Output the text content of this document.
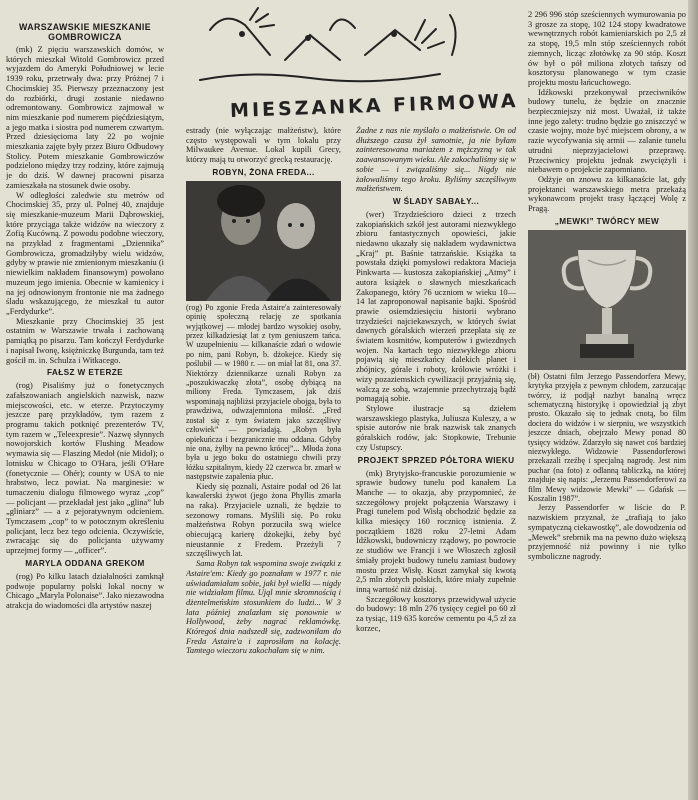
WARSZAWSKIE MIESZKANIE GOMBROWICZA

(mk) Z pięciu warszawskich domów, w których mieszkał Witold Gombrowicz przed wyjazdem do Ameryki Południowej w lecie 1939 roku, przetrwały dwa: przy Próżnej 7 i Chocimskiej 35. Pierwszy przeznaczony jest do rozbiórki, drugi zostanie niedawno odremontowany. Gombrowicz zajmował w nim mieszkanie pod numerem pięćdziesiątym, a jego matka i siostra pod numerem czwartym. Przed dziesięcioma laty 22 po wojnie mieszkania zajęte były przez Biuro Odbudowy Stolicy. Potem mieszkanie Gombrowiczów podzielono między trzy rodziny, które zajmują je do dziś. W dawnej pracowni pisarza zamieszkała na stosunek dwie osoby.

W odległości zaledwie stu metrów od Chocimskiej 35, przy ul. Polnej 40, znajduje się mieszkanie-muzeum Marii Dąbrowskiej, które przyciąga także widzów na wieczory z Zofią Kucówną. Z powodu podobne wieczory, na przykład z fragmentami „Dziennika” Gombrowicza, gromadziłyby wielu widzów, gdyby w prawie nie zmienionym mieszkaniu (i niewielkim nakładem finansowym) powołano muzeum jego imienia. Obecnie w kamienicy i na jej odnowionym frontonie nie ma żadnego śladu wskazującego, że mieszkał tu autor „Ferdydurke”.

Mieszkanie przy Chocimskiej 35 jest ostatnim w Warszawie trwała i zachowaną pamiątką po pisarzu. Tam kończył Ferdydurke i napisał Iwonę, księżniczkę Burgunda, tam też gościł m. in. Schulza i Witkacego.

FAŁSZ W ETERZE

(rog) Pisaliśmy już o fonetycznych zafałszowaniach angielskich nazwisk, nazw miejscowości, etc. w eterze. Przytoczymy jeszcze parę przykładów, tym razem z programu takich potknięć prezenterów TV, tym razem w „Teleexpresie”. Nazwę słynnych nowojorskich kortów Flushing Meadow wymawia się — Flaszing Medoł (nie Midoł); o lotnisku w Chicago to O'Hara, jeśli O'Hare (fonetycznie — Ohér); county w USA to nie hrabstwo, lecz powiat. Na marginesie: w tumaczeniu dialogu filmowego wyraz „cop” — policjant — przekładał jest jako „glina” lub „gliniarz” — a z pejoratywnym odcieniem. Tymczasem „cop” to w potocznym określeniu policjant, lecz bez tego odcienia. Oczywiście, zwracając się do policjanta używamy uprzejmej formy — „officer”.

MARYLA ODDANA GREKOM

(rog) Po kilku latach działalności zamknął podwoje popularny polski lokal nocny w Chicago „Maryla Polonaise”. Jako niezawodna atrakcja do wiadomości dla artystów naszej

MIESZANKA FIRMOWA

estrady (nie wyłączając małżeństw), które często występowali w tym lokalu przy Milwaukee Avenue. Lokal kupili Grecy, którzy mają tu otworzyć grecką restaurację.

ROBYN, ŻONA FREDA...

(rog) Po zgonie Freda Astaire'a zainteresowały opinię społeczną relację ze spotkania wyjątkowej — młodej bardzo wysokiej osoby, przez kilkadziesiąt lat z tym geniuszem tańca. W uzupełnieniu — kilkanaście zdań o wdowie po nim, pani Robyn, b. dżokejce. Kiedy się poślubił — w 1980 r. — on miał lat 81, ona 37. Niektórzy dziennikarze uznali Robyn za „poszukiwaczkę złota”, osobę dybiącą na miliony Freda. Tymczasem, jak dziś wspominają najbliżsi przyjaciele obojga, była to prawdziwa, odwzajemniona miłość. „Fred został się z tym światem jako szczęśliwy człowiek” — powiadają. „Robyn była opiekuńcza i bezgranicznie mu oddana. Gdyby nie ona, żyłby na pewno krócej”... Młoda żona była u jego boku do ostatniego chwili przy łóżku szpitalnym, kiedy 22 czerwca br. zmarł w następstwie zapalenia płuc.

Kiedy się poznali, Astaire podał od 26 lat kawalerski żywot (jego żona Phyllis zmarła na raka). Przyjaciele uznali, że będzie to sezonowy romans. Myślili się. Po roku małżeństwa Robyn porzuciła swą wielce obiecującą karierę dżokejki, żeby być nieustannie z Fredem. Przeżyli 7 szczęśliwych lat.

Sama Robyn tak wspomina swoje związki z Astaire'em: Kiedy go poznałam w 1977 r. nie uświadamiałam sobie, jaki był wielki — nigdy nie widziałam filmu. Ująl mnie skromnością i dżentelmeńskim stosunkiem do ludzi... W 3 lata później znalazłam się ponownie w Hollywood, żeby nagrać reklamówkę. Któregoś dnia nadszedł się, zadzwoniłam do Freda Astaire'a i zaprosiłam na kolację. Tamtego wieczoru zakochałam się w nim.

Żadne z nas nie myślało o małżeństwie. On od dłuższego czasu żył samotnie, ja nie byłam zainteresowana mariażem z mężczyzną w tak zaawansowanym wieku. Ale zakochaliśmy się w sobie — i związaliśmy się... Nigdy nie żałowaliśmy tego kroku. Byliśmy szczęśliwym małżeństwem.

W ŚLADY SABAŁY...

(wer) Trzydzieściorо dzieci z trzech zakopiańskich szkół jest autorami niezwykłego zbioru fantastycznych opowieści, jakie niedawno ukazały się nakładem wydawnictwa „Kraj” pt. Baśnie tatrzańskie. Książka ta powstała dzięki pomysłowi redaktora Macieja Pinkwarta — kustosza zakopiańskiej „Atmy” i autora książek o sławnych mieszkańcach Zakopanego, który 76 uczniom w wieku 10—14 lat zaproponował napisanie bajki. Spośród prawie osiemdziesięciu historii wybrano trzydzieści najciekawszych, w których świat dawnych góralskich wierzeń przeplata się ze światem kosmitów, komputerów i gwiezdnych wojen. Na kartach tego niezwykłego zbioru pojawią się mieszkańcy dalekich planet i zbójnicy, górale i roboty, królowie wróżki i wizy pozaziemskich cywilizacji przyjaźnią się, walczą ze sobą, wzajemnie przechytrzają bądź pomagają sobie.

Stylowe ilustracje są dziełem warszawskiego plastyka, Juliusza Kuleszy, a w spisie autorów nie brak nazwisk tak znanych góralskich rodów, jak: Stopkowie, Trebunie czy Ustupscy.

PROJEKT SPRZED PÓŁTORA WIEKU

(mk) Brytyjsko-francuskie porozumienie w sprawie budowy tunelu pod kanałem La Manche — to okazja, aby przypomnieć, że szczegółowy projekt połączenia Warszawy i Pragi tunelem pod Wisłą obchodzić będzie za kilka miesięcy 160 rocznicę istnienia. Z początkiem 1828 roku 27-letni Adam Idźkowski, budowniczy rządowy, po powrocie ze studiów we Francji i we Włoszech zgłosił śmiały projekt budowy tunelu zamiast budowy mostu przez Wisłę. Koszt zamykał się kwotą 2,5 mln złotych polskich, które miały zupełnie inną wartość niż dzisiaj.

Szczegółowy kosztorys przewidywał użycie do budowy: 18 mln 276 tysięcy cegieł po 60 zł za tysiąc, 119 635 korców cementu po 4,5 zł za korzec,

2 296 996 stóp sześciennych wymurowania po 3 grosze za stopę, 102 124 stopy kwadratowe wewnętrznych robót kamieniarskich po 2,5 zł za stopę, 19,5 mln stóp sześciennych robót ziemnych, licząc złotówkę za 90 stóp. Koszt ów był o pół miliona złotych tańszy od kosztorysu planowanego w tym czasie projektu mostu łańcuchowego.

Idźkowski przekonywał przeciwników budowy tunelu, że będzie on znacznie bezpieczniejszy niż most. Uważał, iż także inne jego zalety: trudno będzie go zniszczyć w czasie wojny, może być miejscem obrony, a w razie wycofywania się armii — zalanie tunelu utrudni nieprzyjacielowi przeprawę. Przeciwnicy projektu jednak zwyciężyli i niebawem o projekcie zapomniano.

Odżyje on znowu za kilkanaście lat, gdy projektanci warszawskiego metra przekażą wykonawcom projekt trasy łączącej Wolę z Pragą.

„MEWKI” TWÓRCY MEW

(bł) Ostatni film Jerzego Passendorfera Mewy, krytyka przyjęła z pewnym chłodem, zarzucając twórcy, iż podjął nazbyt banalną wręcz schematyczną historyjkę i opowiedział ją zbyt prosto. Okazało się to jednak cnotą, bo film dociera do widzów i w sierpniu, we wszystkich jeszcze dniach, obejrzało Mewy ponad 80 tysięcy widzów. Zdarzyło się nawet coś bardziej niezwykłego. Widzowie Passendorferowi przekazali rzeźbę i specjalną nagrodę. Jest nim puchar (na foto) z odlanną tabliczką, na której znajduje się napis: „Jerzemu Passendorferowi za film Mewy widzowie Mewki” — Gdańsk — Koszalin 1987”.

Jerzy Passendorfer w liście do P. nazwiskiem przyznał, że „trafiają to jako sympatyczną ciekawostkę”, ale dowodzenia od „Mewek” srebrnik ma na pewno dużo większą przyjemność niż powinny i nie tylko symboliczne nagrody.
